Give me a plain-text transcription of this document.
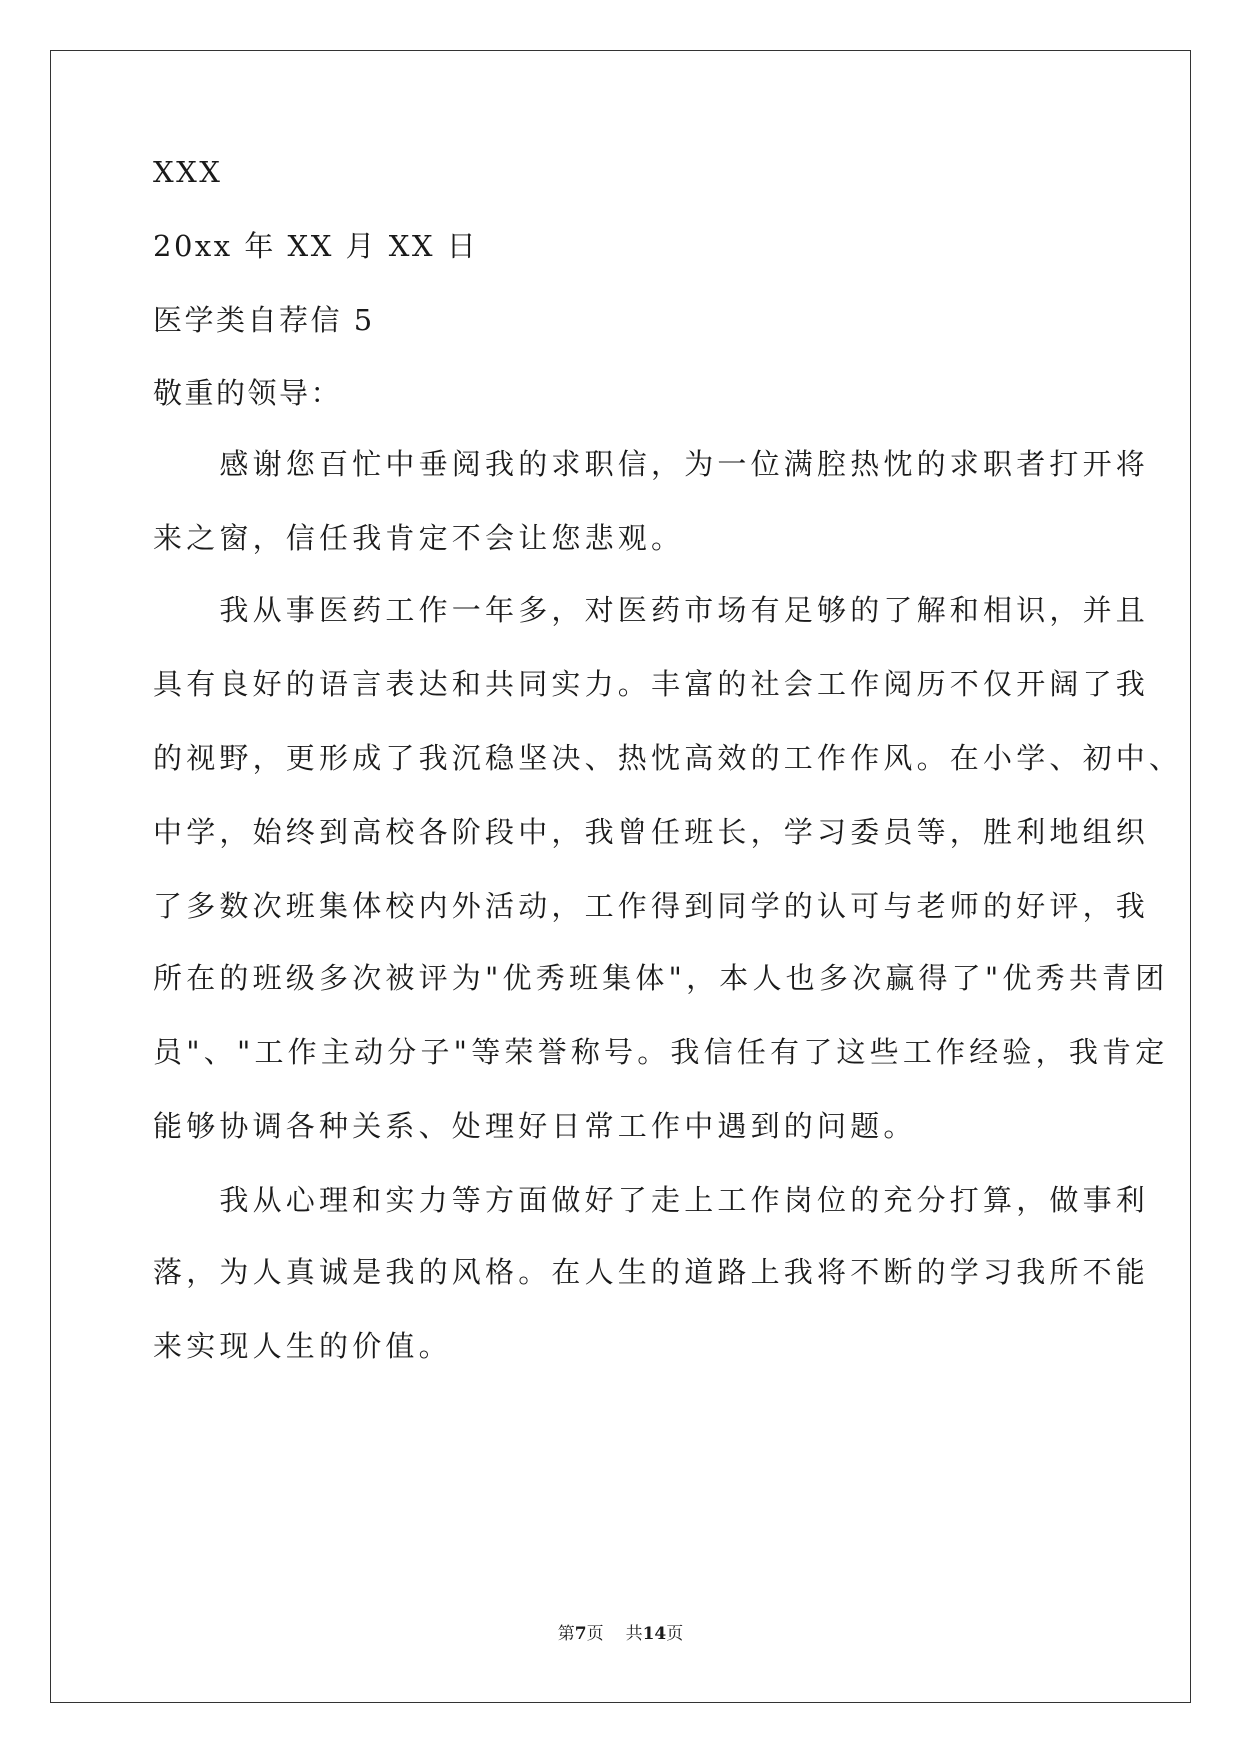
XXX
20xx 年 XX 月 XX 日
医学类自荐信 5
敬重的领导：
　　感谢您百忙中垂阅我的求职信，为一位满腔热忱的求职者打开将
来之窗，信任我肯定不会让您悲观。
　　我从事医药工作一年多，对医药市场有足够的了解和相识，并且
具有良好的语言表达和共同实力。丰富的社会工作阅历不仅开阔了我
的视野，更形成了我沉稳坚决、热忱高效的工作作风。在小学、初中、
中学，始终到高校各阶段中，我曾任班长，学习委员等，胜利地组织
了多数次班集体校内外活动，工作得到同学的认可与老师的好评，我
所在的班级多次被评为"优秀班集体"，本人也多次赢得了"优秀共青团
员"、"工作主动分子"等荣誉称号。我信任有了这些工作经验，我肯定
能够协调各种关系、处理好日常工作中遇到的问题。
　　我从心理和实力等方面做好了走上工作岗位的充分打算，做事利
落，为人真诚是我的风格。在人生的道路上我将不断的学习我所不能
来实现人生的价值。
第7页 共14页
